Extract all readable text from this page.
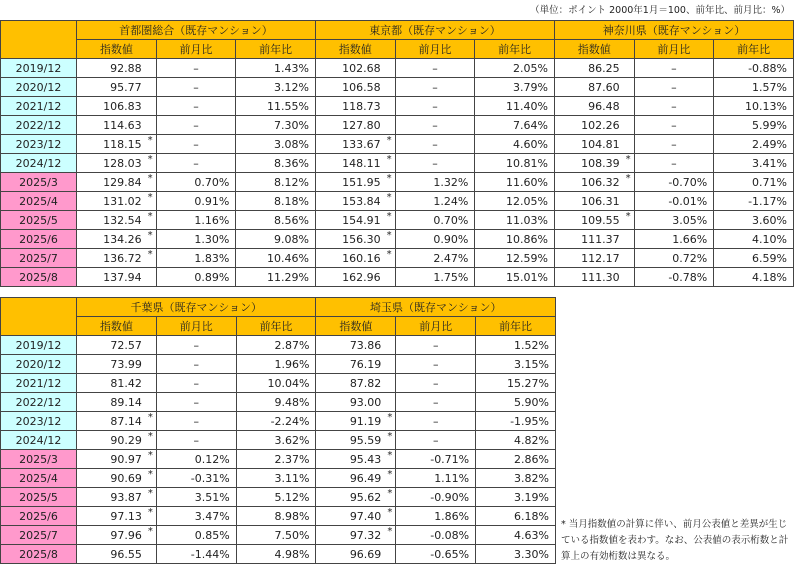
（単位：ポイント 2000年1月＝100、前年比、前月比：%）
	首都圏総合（既存マンション）			東京都（既存マンション）			神奈川県（既存マンション）		
	指数値	前月比	前年比	指数値	前月比	前年比	指数値	前月比	前年比
2019/12	92.88	–	1.43%	102.68	–	2.05%	86.25	–	-0.88%
2020/12	95.77	–	3.12%	106.58	–	3.79%	87.60	–	1.57%
2021/12	106.83	–	11.55%	118.73	–	11.40%	96.48	–	10.13%
2022/12	114.63	–	7.30%	127.80	–	7.64%	102.26	–	5.99%
2023/12	118.15 *	–	3.08%	133.67 *	–	4.60%	104.81	–	2.49%
2024/12	128.03 *	–	8.36%	148.11 *	–	10.81%	108.39 *	–	3.41%
2025/3	129.84 *	0.70%	8.12%	151.95 *	1.32%	11.60%	106.32 *	-0.70%	0.71%
2025/4	131.02 *	0.91%	8.18%	153.84 *	1.24%	12.05%	106.31	-0.01%	-1.17%
2025/5	132.54 *	1.16%	8.56%	154.91 *	0.70%	11.03%	109.55 *	3.05%	3.60%
2025/6	134.26 *	1.30%	9.08%	156.30 *	0.90%	10.86%	111.37	1.66%	4.10%
2025/7	136.72 *	1.83%	10.46%	160.16 *	2.47%	12.59%	112.17	0.72%	6.59%
2025/8	137.94	0.89%	11.29%	162.96	1.75%	15.01%	111.30	-0.78%	4.18%
	千葉県（既存マンション）			埼玉県（既存マンション）		
	指数値	前月比	前年比	指数値	前月比	前年比
2019/12	72.57	–	2.87%	73.86	–	1.52%
2020/12	73.99	–	1.96%	76.19	–	3.15%
2021/12	81.42	–	10.04%	87.82	–	15.27%
2022/12	89.14	–	9.48%	93.00	–	5.90%
2023/12	87.14 *	–	-2.24%	91.19 *	–	-1.95%
2024/12	90.29 *	–	3.62%	95.59 *	–	4.82%
2025/3	90.97 *	0.12%	2.37%	95.43 *	-0.71%	2.86%
2025/4	90.69 *	-0.31%	3.11%	96.49 *	1.11%	3.82%
2025/5	93.87 *	3.51%	5.12%	95.62 *	-0.90%	3.19%
2025/6	97.13 *	3.47%	8.98%	97.40 *	1.86%	6.18%
2025/7	97.96 *	0.85%	7.50%	97.32 *	-0.08%	4.63%
2025/8	96.55	-1.44%	4.98%	96.69	-0.65%	3.30%
* 当月指数値の計算に伴い、前月公表値と差異が生じている指数値を表わす。なお、公表値の表示桁数と計算上の有効桁数は異なる。
